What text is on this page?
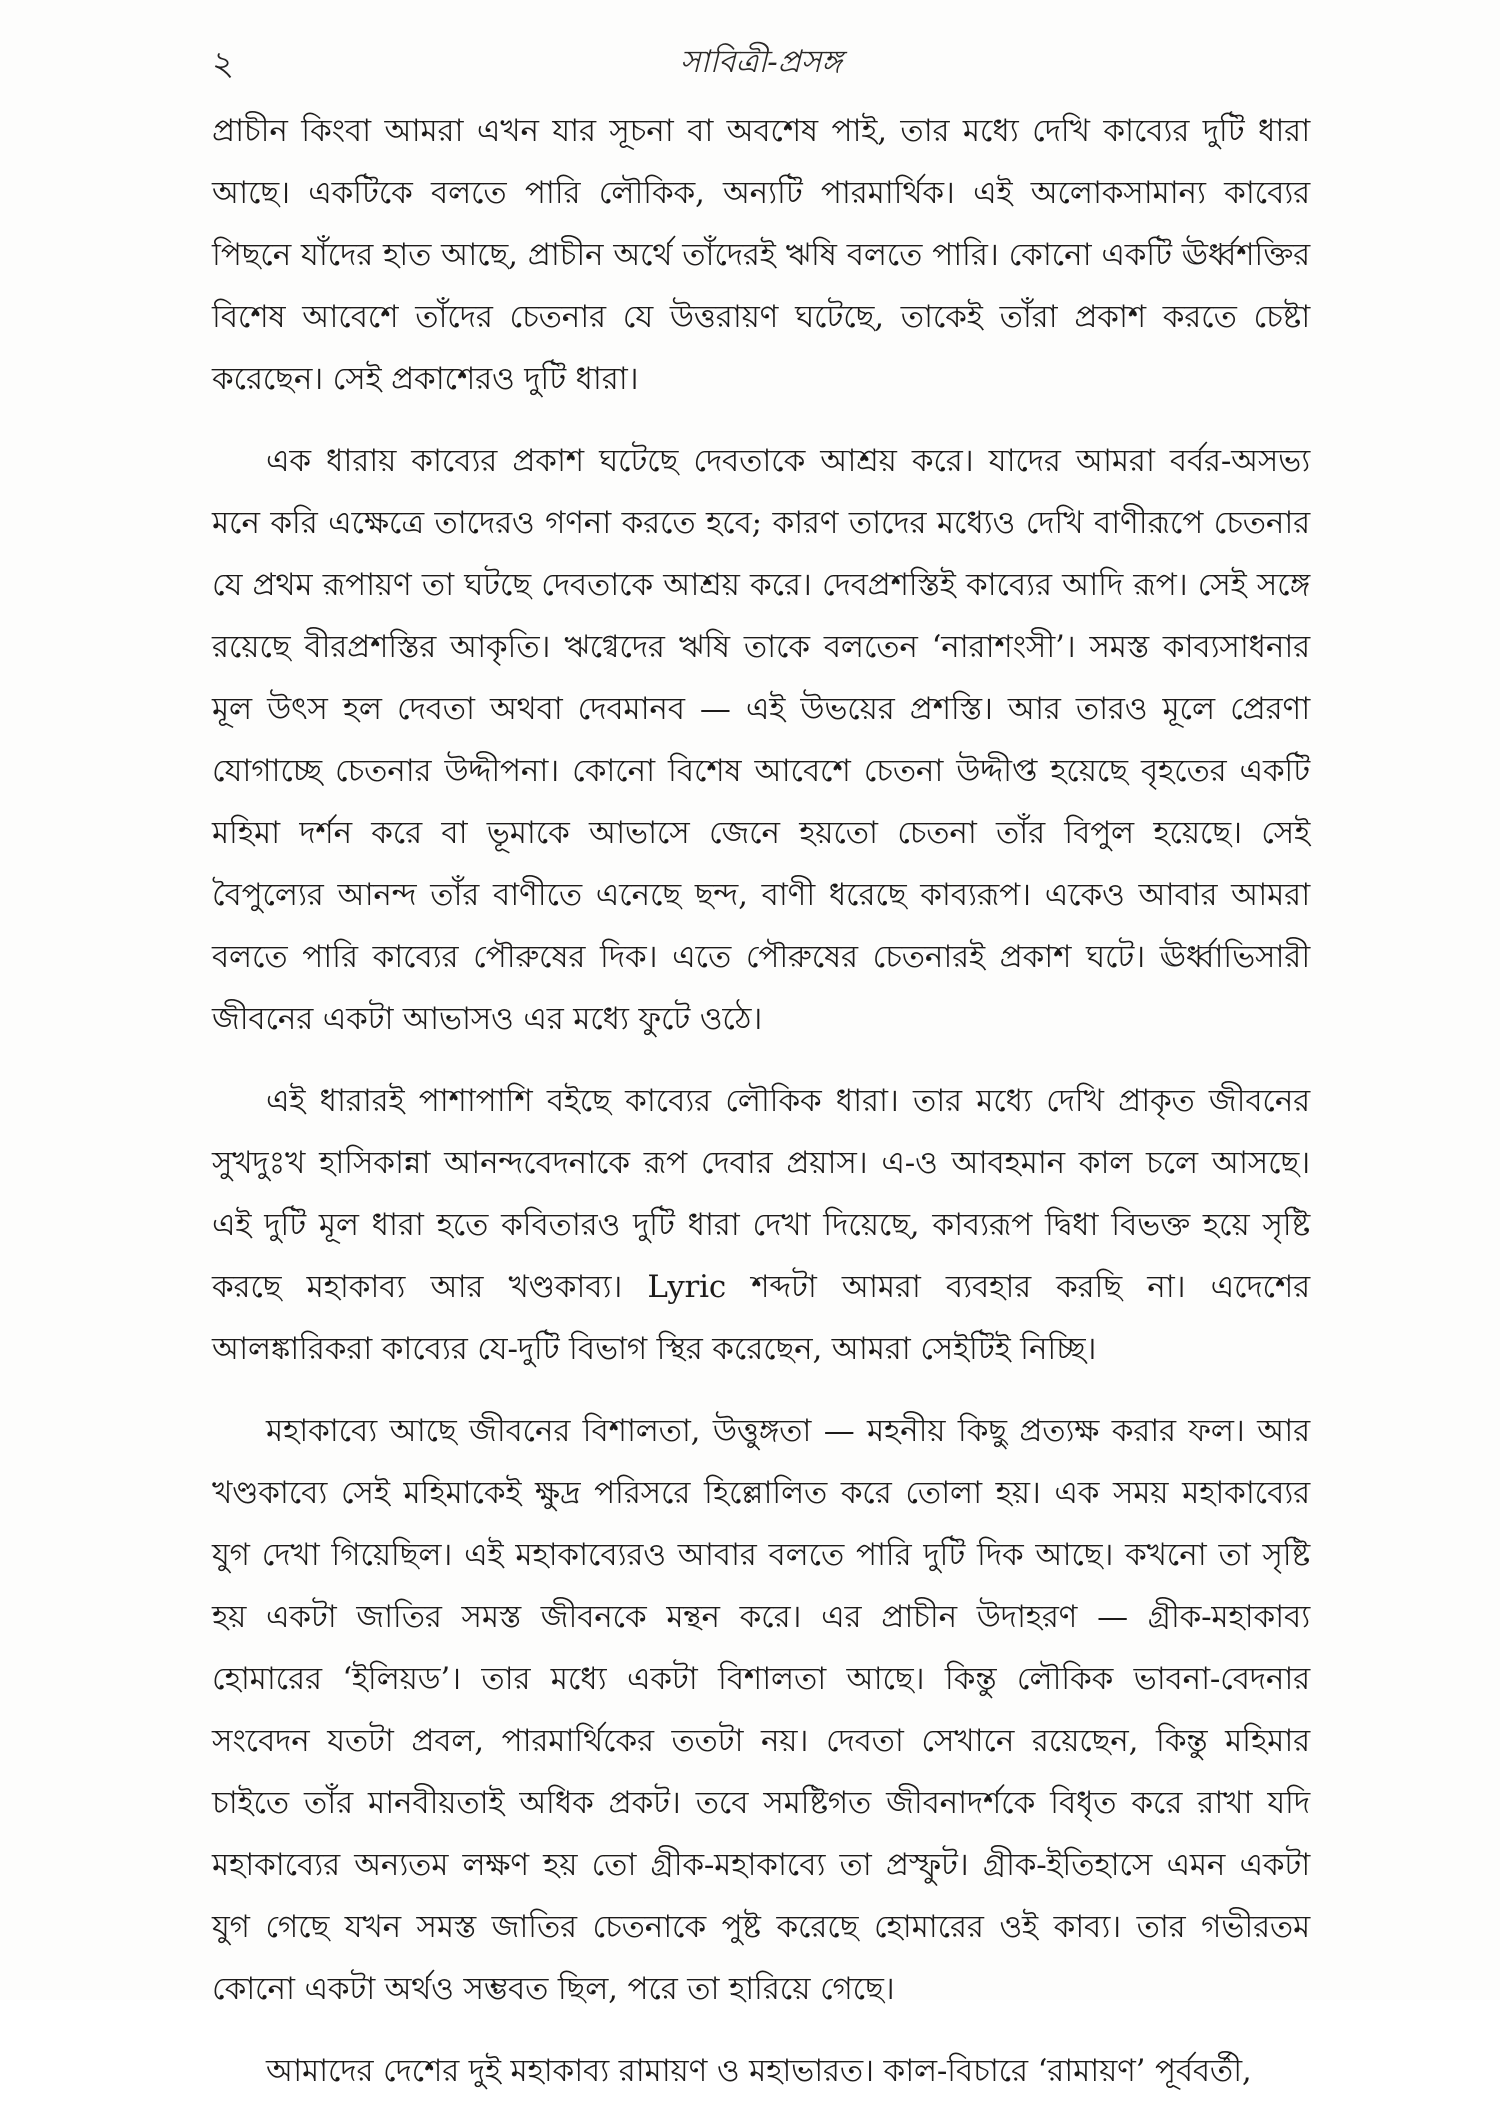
২	সাবিত্রী-প্রসঙ্গ

প্রাচীন কিংবা আমরা এখন যার সূচনা বা অবশেষ পাই, তার মধ্যে দেখি কাব্যের দুটি ধারা আছে। একটিকে বলতে পারি লৌকিক, অন্যটি পারমার্থিক। এই অলোকসামান্য কাব্যের পিছনে যাঁদের হাত আছে, প্রাচীন অর্থে তাঁদেরই ঋষি বলতে পারি। কোনো একটি ঊর্ধ্বশক্তির বিশেষ আবেশে তাঁদের চেতনার যে উত্তরায়ণ ঘটেছে, তাকেই তাঁরা প্রকাশ করতে চেষ্টা করেছেন। সেই প্রকাশেরও দুটি ধারা।

এক ধারায় কাব্যের প্রকাশ ঘটেছে দেবতাকে আশ্রয় করে। যাদের আমরা বর্বর-অসভ্য মনে করি এক্ষেত্রে তাদেরও গণনা করতে হবে; কারণ তাদের মধ্যেও দেখি বাণীরূপে চেতনার যে প্রথম রূপায়ণ তা ঘটছে দেবতাকে আশ্রয় করে। দেবপ্রশস্তিই কাব্যের আদি রূপ। সেই সঙ্গে রয়েছে বীরপ্রশস্তির আকৃতি। ঋগ্বেদের ঋষি তাকে বলতেন ‘নারাশংসী’। সমস্ত কাব্যসাধনার মূল উৎস হল দেবতা অথবা দেবমানব — এই উভয়ের প্রশস্তি। আর তারও মূলে প্রেরণা যোগাচ্ছে চেতনার উদ্দীপনা। কোনো বিশেষ আবেশে চেতনা উদ্দীপ্ত হয়েছে বৃহতের একটি মহিমা দর্শন করে বা ভূমাকে আভাসে জেনে হয়তো চেতনা তাঁর বিপুল হয়েছে। সেই বৈপুল্যের আনন্দ তাঁর বাণীতে এনেছে ছন্দ, বাণী ধরেছে কাব্যরূপ। একেও আবার আমরা বলতে পারি কাব্যের পৌরুষের দিক। এতে পৌরুষের চেতনারই প্রকাশ ঘটে। ঊর্ধ্বাভিসারী জীবনের একটা আভাসও এর মধ্যে ফুটে ওঠে।

এই ধারারই পাশাপাশি বইছে কাব্যের লৌকিক ধারা। তার মধ্যে দেখি প্রাকৃত জীবনের সুখদুঃখ হাসিকান্না আনন্দবেদনাকে রূপ দেবার প্রয়াস। এ-ও আবহমান কাল চলে আসছে। এই দুটি মূল ধারা হতে কবিতারও দুটি ধারা দেখা দিয়েছে, কাব্যরূপ দ্বিধা বিভক্ত হয়ে সৃষ্টি করছে মহাকাব্য আর খণ্ডকাব্য। Lyric শব্দটা আমরা ব্যবহার করছি না। এদেশের আলঙ্কারিকরা কাব্যের যে-দুটি বিভাগ স্থির করেছেন, আমরা সেইটিই নিচ্ছি।

মহাকাব্যে আছে জীবনের বিশালতা, উত্তুঙ্গতা — মহনীয় কিছু প্রত্যক্ষ করার ফল। আর খণ্ডকাব্যে সেই মহিমাকেই ক্ষুদ্র পরিসরে হিল্লোলিত করে তোলা হয়। এক সময় মহাকাব্যের যুগ দেখা গিয়েছিল। এই মহাকাব্যেরও আবার বলতে পারি দুটি দিক আছে। কখনো তা সৃষ্টি হয় একটা জাতির সমস্ত জীবনকে মন্থন করে। এর প্রাচীন উদাহরণ — গ্রীক-মহাকাব্য হোমারের ‘ইলিয়ড’। তার মধ্যে একটা বিশালতা আছে। কিন্তু লৌকিক ভাবনা-বেদনার সংবেদন যতটা প্রবল, পারমার্থিকের ততটা নয়। দেবতা সেখানে রয়েছেন, কিন্তু মহিমার চাইতে তাঁর মানবীয়তাই অধিক প্রকট। তবে সমষ্টিগত জীবনাদর্শকে বিধৃত করে রাখা যদি মহাকাব্যের অন্যতম লক্ষণ হয় তো গ্রীক-মহাকাব্যে তা প্রস্ফুট। গ্রীক-ইতিহাসে এমন একটা যুগ গেছে যখন সমস্ত জাতির চেতনাকে পুষ্ট করেছে হোমারের ওই কাব্য। তার গভীরতম কোনো একটা অর্থও সম্ভবত ছিল, পরে তা হারিয়ে গেছে।

আমাদের দেশের দুই মহাকাব্য রামায়ণ ও মহাভারত। কাল-বিচারে ‘রামায়ণ’ পূর্ববর্তী,
